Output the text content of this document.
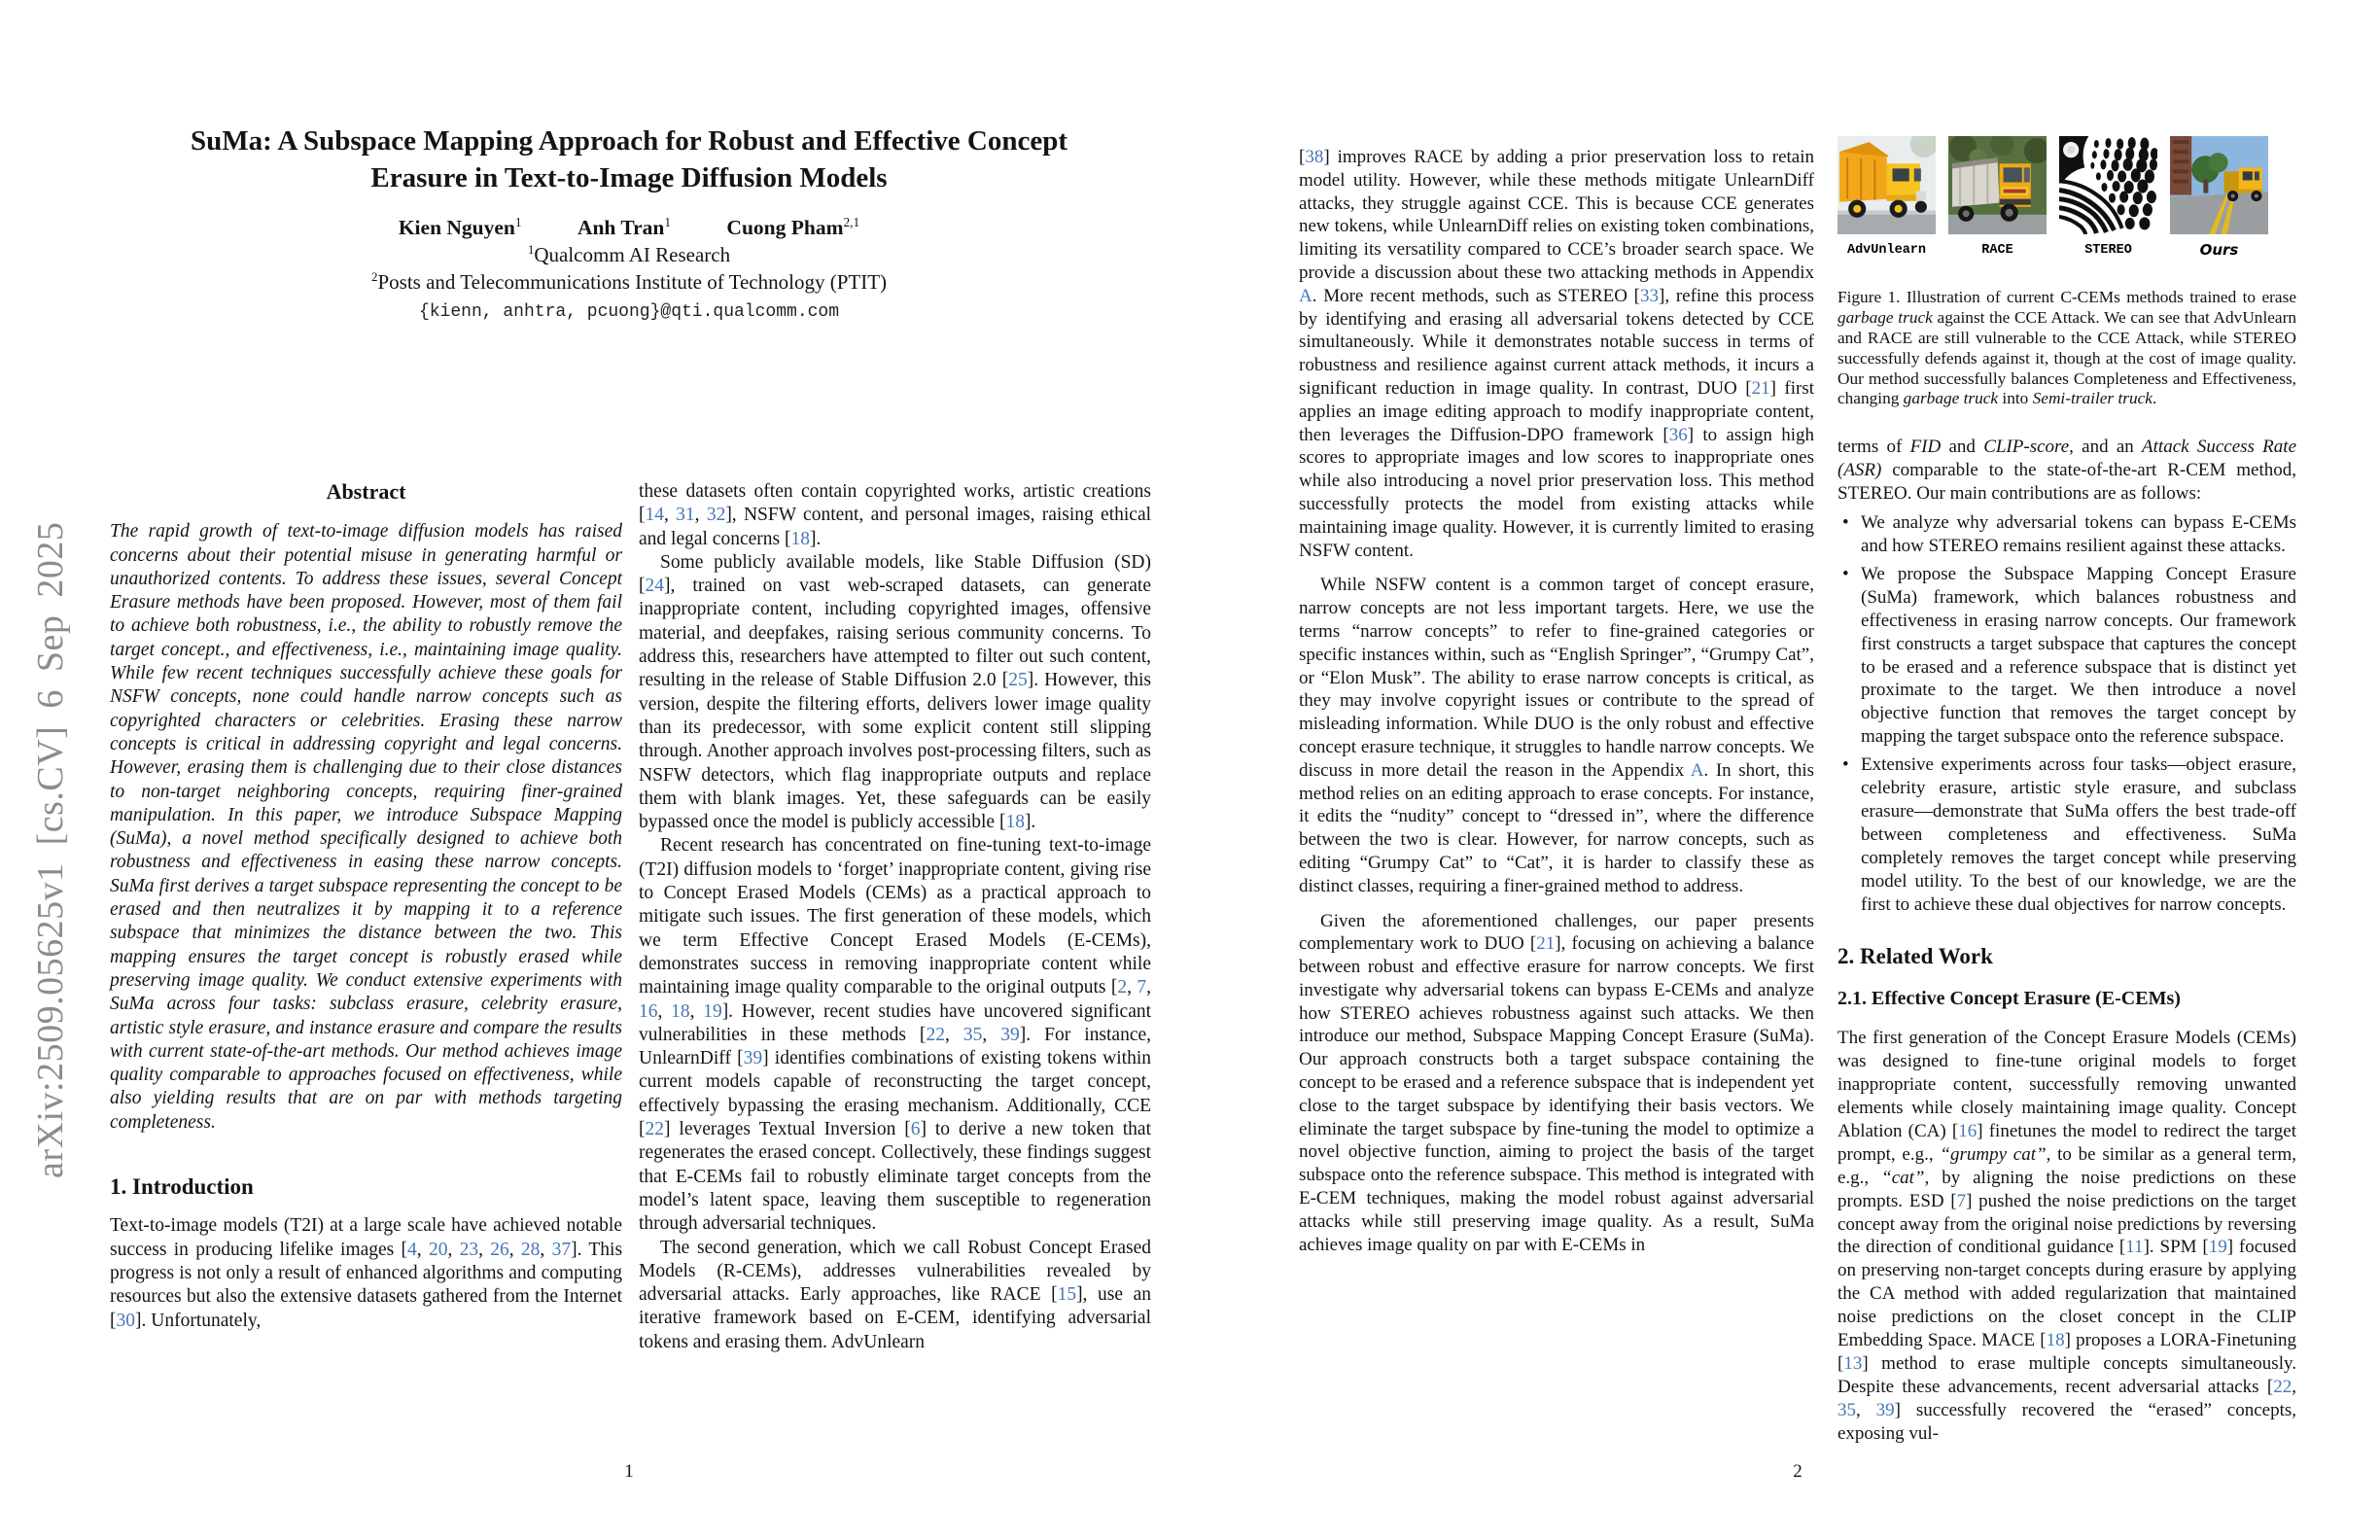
arXiv:2509.05625v1 [cs.CV] 6 Sep 2025
SuMa: A Subspace Mapping Approach for Robust and Effective Concept Erasure in Text-to-Image Diffusion Models
Kien Nguyen$^1$	Anh Tran$^1$	Cuong Pham$^{2,1}$
$^1$Qualcomm AI Research
$^2$Posts and Telecommunications Institute of Technology (PTIT)
{kienn, anhtra, pcuong}@qti.qualcomm.com
Abstract

The rapid growth of text-to-image diffusion models has raised concerns about their potential misuse in generating harmful or unauthorized contents. To address these issues, several Concept Erasure methods have been proposed. However, most of them fail to achieve both robustness, i.e., the ability to robustly remove the target concept., and effectiveness, i.e., maintaining image quality. While few recent techniques successfully achieve these goals for NSFW concepts, none could handle narrow concepts such as copyrighted characters or celebrities. Erasing these narrow concepts is critical in addressing copyright and legal concerns. However, erasing them is challenging due to their close distances to non-target neighboring concepts, requiring finer-grained manipulation. In this paper, we introduce Subspace Mapping (SuMa), a novel method specifically designed to achieve both robustness and effectiveness in easing these narrow concepts. SuMa first derives a target subspace representing the concept to be erased and then neutralizes it by mapping it to a reference subspace that minimizes the distance between the two. This mapping ensures the target concept is robustly erased while preserving image quality. We conduct extensive experiments with SuMa across four tasks: subclass erasure, celebrity erasure, artistic style erasure, and instance erasure and compare the results with current state-of-the-art methods. Our method achieves image quality comparable to approaches focused on effectiveness, while also yielding results that are on par with methods targeting completeness.

1. Introduction

Text-to-image models (T2I) at a large scale have achieved notable success in producing lifelike images [4, 20, 23, 26, 28, 37]. This progress is not only a result of enhanced algorithms and computing resources but also the extensive datasets gathered from the Internet [30]. Unfortunately,

these datasets often contain copyrighted works, artistic creations [14, 31, 32], NSFW content, and personal images, raising ethical and legal concerns [18].

Some publicly available models, like Stable Diffusion (SD) [24], trained on vast web-scraped datasets, can generate inappropriate content, including copyrighted images, offensive material, and deepfakes, raising serious community concerns. To address this, researchers have attempted to filter out such content, resulting in the release of Stable Diffusion 2.0 [25]. However, this version, despite the filtering efforts, delivers lower image quality than its predecessor, with some explicit content still slipping through. Another approach involves post-processing filters, such as NSFW detectors, which flag inappropriate outputs and replace them with blank images. Yet, these safeguards can be easily bypassed once the model is publicly accessible [18].

Recent research has concentrated on fine-tuning text-to-image (T2I) diffusion models to ‘forget’ inappropriate content, giving rise to Concept Erased Models (CEMs) as a practical approach to mitigate such issues. The first generation of these models, which we term Effective Concept Erased Models (E-CEMs), demonstrates success in removing inappropriate content while maintaining image quality comparable to the original outputs [2, 7, 16, 18, 19]. However, recent studies have uncovered significant vulnerabilities in these methods [22, 35, 39]. For instance, UnlearnDiff [39] identifies combinations of existing tokens within current models capable of reconstructing the target concept, effectively bypassing the erasing mechanism. Additionally, CCE [22] leverages Textual Inversion [6] to derive a new token that regenerates the erased concept. Collectively, these findings suggest that E-CEMs fail to robustly eliminate target concepts from the model’s latent space, leaving them susceptible to regeneration through adversarial techniques.

The second generation, which we call Robust Concept Erased Models (R-CEMs), addresses vulnerabilities revealed by adversarial attacks. Early approaches, like RACE [15], use an iterative framework based on E-CEM, identifying adversarial tokens and erasing them. AdvUnlearn

1

[38] improves RACE by adding a prior preservation loss to retain model utility. However, while these methods mitigate UnlearnDiff attacks, they struggle against CCE. This is because CCE generates new tokens, while UnlearnDiff relies on existing token combinations, limiting its versatility compared to CCE’s broader search space. We provide a discussion about these two attacking methods in Appendix A. More recent methods, such as STEREO [33], refine this process by identifying and erasing all adversarial tokens detected by CCE simultaneously. While it demonstrates notable success in terms of robustness and resilience against current attack methods, it incurs a significant reduction in image quality. In contrast, DUO [21] first applies an image editing approach to modify inappropriate content, then leverages the Diffusion-DPO framework [36] to assign high scores to appropriate images and low scores to inappropriate ones while also introducing a novel prior preservation loss. This method successfully protects the model from existing attacks while maintaining image quality. However, it is currently limited to erasing NSFW content.

While NSFW content is a common target of concept erasure, narrow concepts are not less important targets. Here, we use the terms “narrow concepts” to refer to fine-grained categories or specific instances within, such as “English Springer”, “Grumpy Cat”, or “Elon Musk”. The ability to erase narrow concepts is critical, as they may involve copyright issues or contribute to the spread of misleading information. While DUO is the only robust and effective concept erasure technique, it struggles to handle narrow concepts. We discuss in more detail the reason in the Appendix A. In short, this method relies on an editing approach to erase concepts. For instance, it edits the “nudity” concept to “dressed in”, where the difference between the two is clear. However, for narrow concepts, such as editing “Grumpy Cat” to “Cat”, it is harder to classify these as distinct classes, requiring a finer-grained method to address.

Given the aforementioned challenges, our paper presents complementary work to DUO [21], focusing on achieving a balance between robust and effective erasure for narrow concepts. We first investigate why adversarial tokens can bypass E-CEMs and analyze how STEREO achieves robustness against such attacks. We then introduce our method, Subspace Mapping Concept Erasure (SuMa). Our approach constructs both a target subspace containing the concept to be erased and a reference subspace that is independent yet close to the target subspace by identifying their basis vectors. We eliminate the target subspace by fine-tuning the model to optimize a novel objective function, aiming to project the basis of the target subspace onto the reference subspace. This method is integrated with E-CEM techniques, making the model robust against adversarial attacks while still preserving image quality. As a result, SuMa achieves image quality on par with E-CEMs in

AdvUnlearn	RACE	STEREO	Ours

Figure 1. Illustration of current C-CEMs methods trained to erase garbage truck against the CCE Attack. We can see that AdvUnlearn and RACE are still vulnerable to the CCE Attack, while STEREO successfully defends against it, though at the cost of image quality. Our method successfully balances Completeness and Effectiveness, changing garbage truck into Semi-trailer truck.

terms of FID and CLIP-score, and an Attack Success Rate (ASR) comparable to the state-of-the-art R-CEM method, STEREO. Our main contributions are as follows:

• We analyze why adversarial tokens can bypass E-CEMs and how STEREO remains resilient against these attacks.

• We propose the Subspace Mapping Concept Erasure (SuMa) framework, which balances robustness and effectiveness in erasing narrow concepts. Our framework first constructs a target subspace that captures the concept to be erased and a reference subspace that is distinct yet proximate to the target. We then introduce a novel objective function that removes the target concept by mapping the target subspace onto the reference subspace.

• Extensive experiments across four tasks—object erasure, celebrity erasure, artistic style erasure, and subclass erasure—demonstrate that SuMa offers the best trade-off between completeness and effectiveness. SuMa completely removes the target concept while preserving model utility. To the best of our knowledge, we are the first to achieve these dual objectives for narrow concepts.

2. Related Work
2.1. Effective Concept Erasure (E-CEMs)

The first generation of the Concept Erasure Models (CEMs) was designed to fine-tune original models to forget inappropriate content, successfully removing unwanted elements while closely maintaining image quality. Concept Ablation (CA) [16] finetunes the model to redirect the target prompt, e.g., “grumpy cat”, to be similar as a general term, e.g., “cat”, by aligning the noise predictions on these prompts. ESD [7] pushed the noise predictions on the target concept away from the original noise predictions by reversing the direction of conditional guidance [11]. SPM [19] focused on preserving non-target concepts during erasure by applying the CA method with added regularization that maintained noise predictions on the closet concept in the CLIP Embedding Space. MACE [18] proposes a LORA-Finetuning [13] method to erase multiple concepts simultaneously. Despite these advancements, recent adversarial attacks [22, 35, 39] successfully recovered the “erased” concepts, exposing vul-

2
